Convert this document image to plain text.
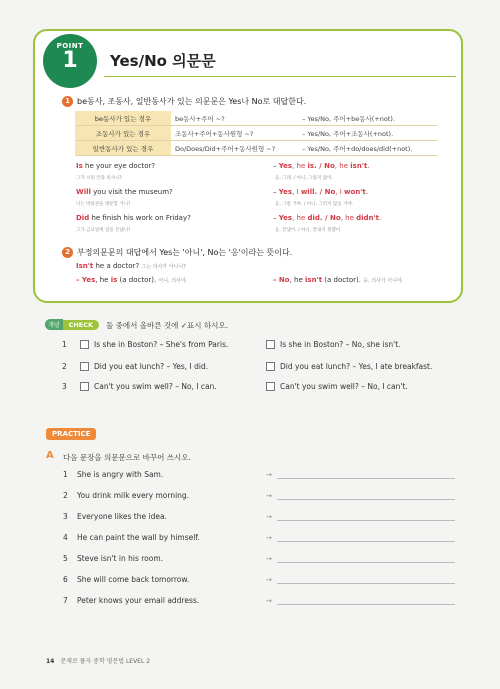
POINT
1	Yes/No 의문문
1 be동사, 조동사, 일반동사가 있는 의문문은 Yes나 No로 대답한다.
be동사가 있는 경우	be동사+주어 ~?	– Yes/No, 주어+be동사(+not).
조동사가 있는 경우	조동사+주어+동사원형 ~?	– Yes/No, 주어+조동사(+not).
일반동사가 있는 경우	Do/Does/Did+주어+동사원형 ~?	– Yes/No, 주어+do/does/did(+not).
Is he your eye doctor?
그가 너의 안과 의사니?
– Yes, he is. / No, he isn't.
응, 그래. / 아니, 그렇지 않아.
Will you visit the museum?
너는 박물관을 방문할 거니?
– Yes, I will. / No, I won't.
응, 그럴 거야. / 아니, 그러지 않을 거야.
Did he finish his work on Friday?
그가 금요일에 일을 끝냈니?
– Yes, he did. / No, he didn't.
응, 끝냈어. / 아니, 끝내지 못했어.
2 부정의문문의 대답에서 Yes는 '아니', No는 '응'이라는 뜻이다.
Isn't he a doctor? 그는 의사가 아니니?
– Yes, he is (a doctor). 아니, 의사야.	– No, he isn't (a doctor). 응, 의사가 아니야.
개념	CHECK	둘 중에서 올바른 것에 ✓표시 하시오.
1	Is she in Boston? – She's from Paris.	Is she in Boston? – No, she isn't.
2	Did you eat lunch? – Yes, I did.	Did you eat lunch? – Yes, I ate breakfast.
3	Can't you swim well? – No, I can.	Can't you swim well? – No, I can't.
PRACTICE
A 다음 문장을 의문문으로 바꾸어 쓰시오.
1 She is angry with Sam.	→
2 You drink milk every morning.	→
3 Everyone likes the idea.	→
4 He can paint the wall by himself.	→
5 Steve isn't in his room.	→
6 She will come back tomorrow.	→
7 Peter knows your email address.	→
14 문제로 풀자 중학 영문법 LEVEL 2
